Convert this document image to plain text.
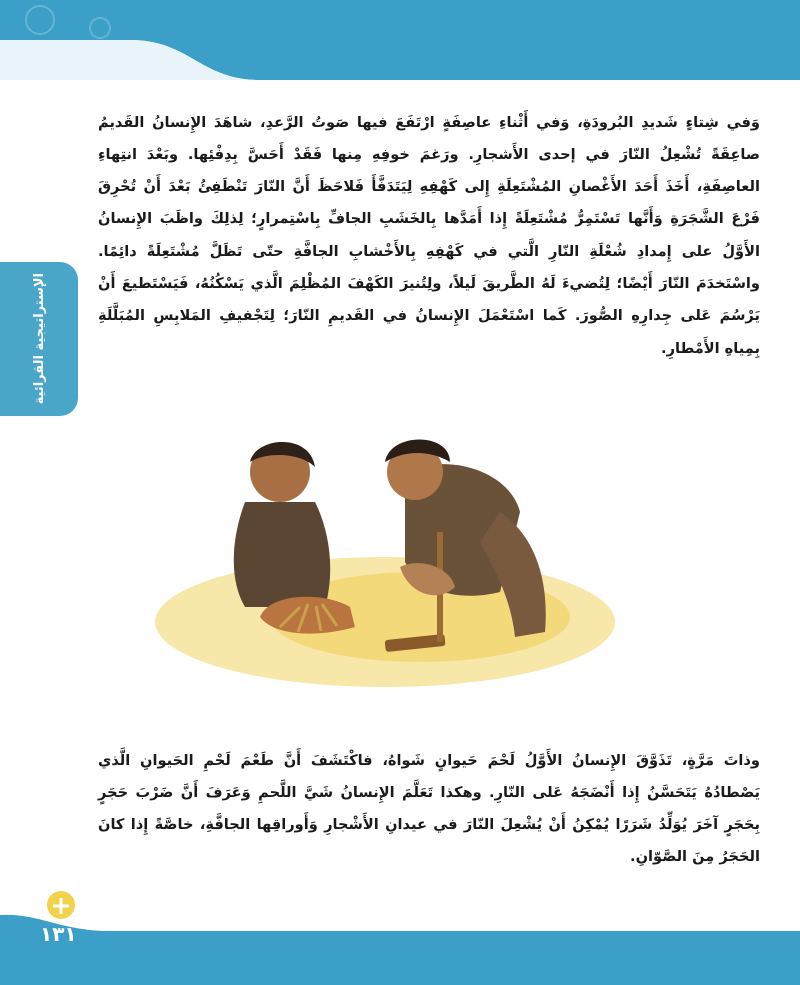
الإستراتيجية القرائية

وَفي شِتاءٍ شَديدِ البُرودَةِ، وَفي أَثْناءِ عاصِفَةٍ ارْتَفَعَ فيها صَوتُ الرَّعدِ، شاهَدَ الإِنسانُ القَديمُ صاعِقَةً تُشْعِلُ النّارَ في إحدى الأَشجارِ. ورَغمَ خوفِهِ مِنها فَقَدْ أَحَسَّ بِدِفْئِها. وبَعْدَ انتِهاءِ العاصِفَةِ، أَخَذَ أَحَدَ الأَغْصانِ المُشْتَعِلَةِ إِلى كَهْفِهِ لِيَتَدَفَّأَ فَلاحَظَ أَنَّ النّارَ تَنْطَفِئُ بَعْدَ أَنْ تُحْرِقَ فَرْعَ الشَّجَرَةِ وَأَنَّها تَسْتَمِرُّ مُشْتَعِلَةً إِذا أَمَدَّها بِالخَشَبِ الجافِّ بِاسْتِمرارٍ؛ لِذلِكَ واظَبَ الإِنسانُ الأَوَّلُ على إِمدادِ شُعْلَةِ النّارِ الَّتي في كَهْفِهِ بِالأَخْشابِ الجافَّةِ حتّى تَظَلَّ مُشْتَعِلَةً دائِمًا. واسْتَخدَمَ النّارَ أَيْضًا؛ لِتُضيءَ لَهُ الطَّريقَ لَيلاً، ولِتُنيرَ الكَهْفَ المُظْلِمَ الَّذي يَسْكُنُهُ، فَيَسْتَطيعَ أَنْ يَرْسُمَ عَلى جِدارِهِ الصُّورَ. كَما اسْتَعْمَلَ الإِنسانُ في القَديمِ النّارَ؛ لِتَجْفيفِ المَلابِسِ المُبَلَّلَةِ بِمِياهِ الأَمْطارِ.

وذاتَ مَرَّةٍ، تَذَوَّقَ الإِنسانُ الأَوَّلُ لَحْمَ حَيوانٍ شَواهُ، فاكْتَشَفَ أَنَّ طَعْمَ لَحْمِ الحَيوانِ الَّذي يَصْطادُهُ يَتَحَسَّنُ إِذا أَنْضَجَهُ عَلى النّارِ. وهكذا تَعَلَّمَ الإِنسانُ شَيَّ اللَّحمِ وَعَرَفَ أَنَّ ضَرْبَ حَجَرٍ بِحَجَرٍ آخَرَ يُوَلِّدُ شَرَرًا يُمْكِنُ أَنْ يُشْعِلَ النّارَ في عيدانِ الأَشْجارِ وَأَوراقِها الجافَّةِ، خاصَّةً إِذا كانَ الحَجَرُ مِنَ الصَّوّانِ.

١٣١
